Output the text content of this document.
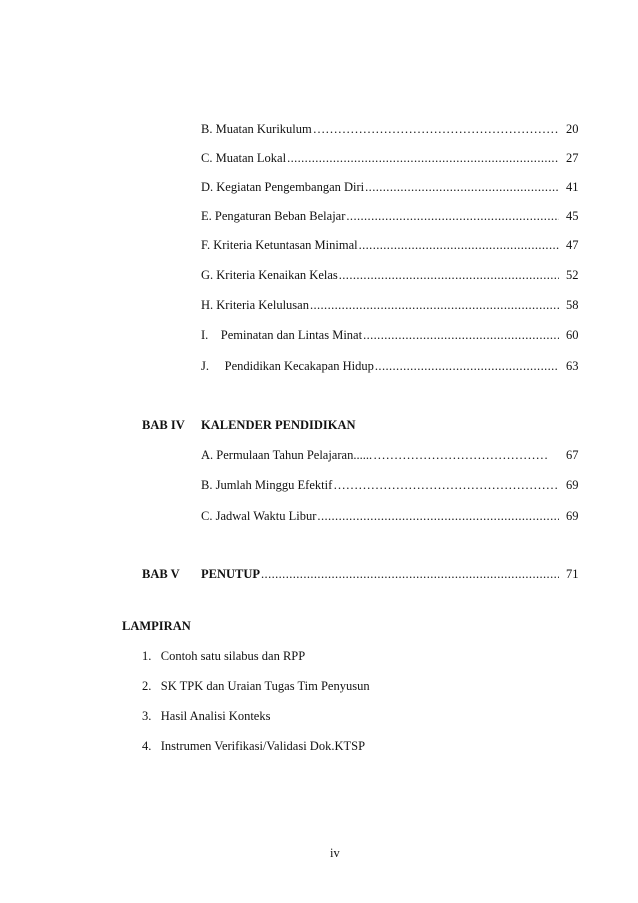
B. Muatan Kurikulum ……………………………………………………………………………………………………………………	20
C. Muatan Lokal .....	27
D. Kegiatan Pengembangan Diri .....	41
E. Pengaturan Beban Belajar .....	45
F. Kriteria Ketuntasan Minimal .....	47
G. Kriteria Kenaikan Kelas .....	52
H. Kriteria Kelulusan .....	58
I.    Peminatan dan Lintas Minat .....	60
J.     Pendidikan Kecakapan Hidup .....	63
BAB IV KALENDER PENDIDIKAN
A. Permulaan Tahun Pelajaran...... ……………………………………………………………………………………………………………………	67
B. Jumlah Minggu Efektif ……………………………………………………………………………………………………………………	69
C. Jadwal Waktu Libur .....	69
BAB V PENUTUP .....	71
LAMPIRAN
1.   Contoh satu silabus dan RPP
2.   SK TPK dan Uraian Tugas Tim Penyusun
3.   Hasil Analisi Konteks
4.   Instrumen Verifikasi/Validasi Dok.KTSP
iv
